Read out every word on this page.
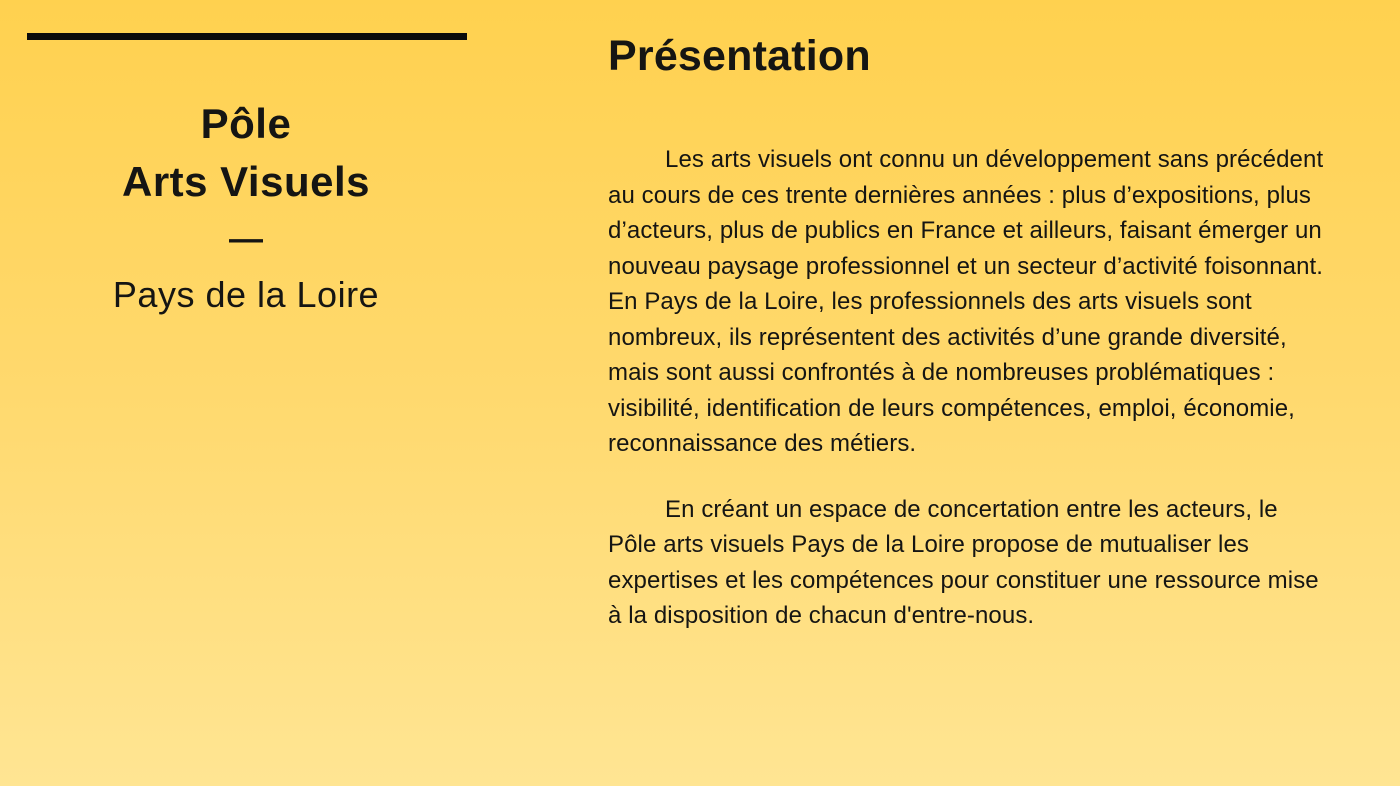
Pôle
Arts Visuels
—
Pays de la Loire
Présentation

Les arts visuels ont connu un développement sans précédent au cours de ces trente dernières années : plus d’expositions, plus d’acteurs, plus de publics en France et ailleurs, faisant émerger un nouveau paysage professionnel et un secteur d’activité foisonnant. En Pays de la Loire, les professionnels des arts visuels sont nombreux, ils représentent des activités d’une grande diversité, mais sont aussi confrontés à de nombreuses problématiques : visibilité, identification de leurs compétences, emploi, économie, reconnaissance des métiers.

En créant un espace de concertation entre les acteurs, le Pôle arts visuels Pays de la Loire propose de mutualiser les expertises et les compétences pour constituer une ressource mise à la disposition de chacun d'entre-nous.
